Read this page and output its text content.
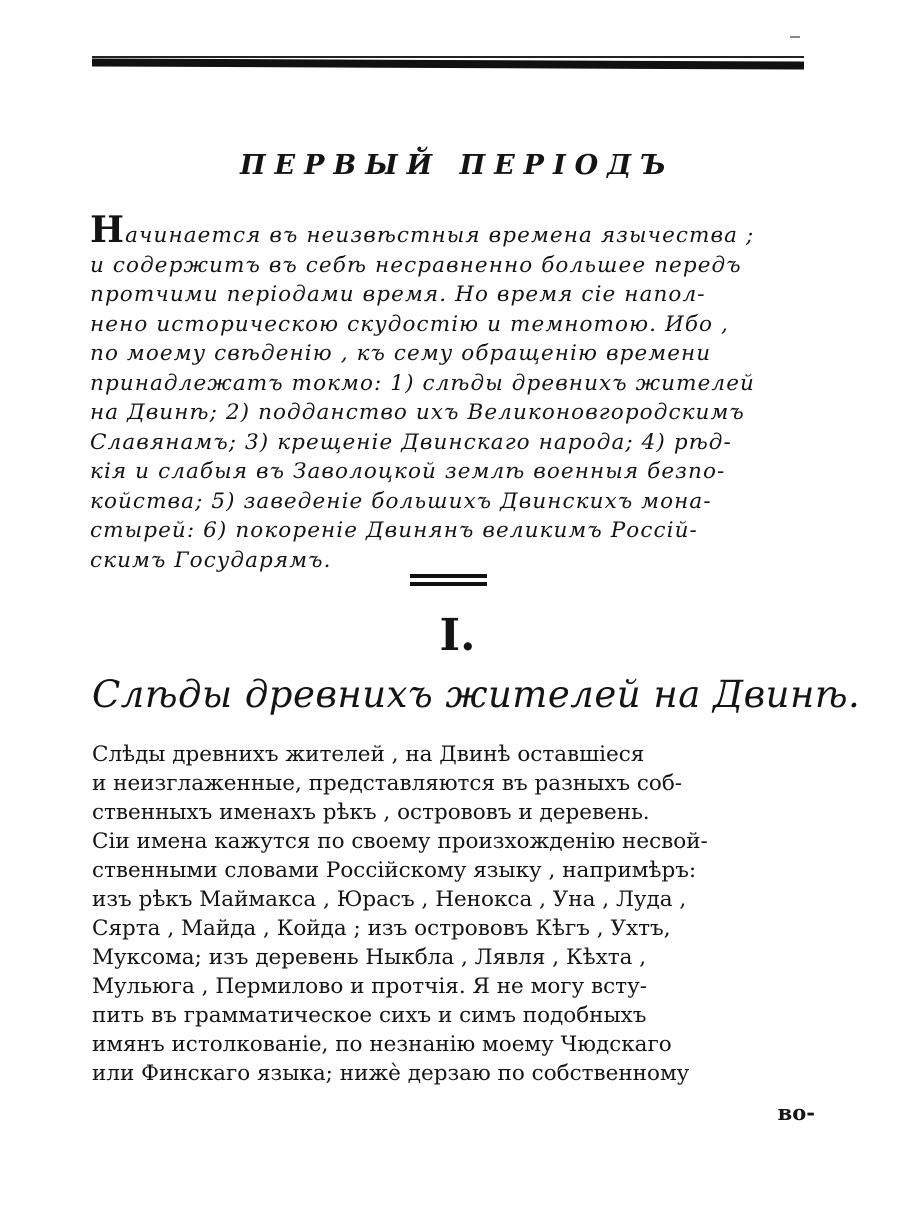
ПЕРВЫЙ ПЕРІОДЪ

Начинается въ неизвѣстныя времена язычества ;
и содержитъ въ себѣ несравненно большее передъ
протчими періодами время. Но время сіе напол-
нено историческою скудостію и темнотою. Ибо ,
по моему свѣденію , къ сему обращенію времени
принадлежатъ токмо: 1) слѣды древнихъ жителей
на Двинѣ; 2) подданство ихъ Великоновгородскимъ
Славянамъ; 3) крещеніе Двинскаго народа; 4) рѣд-
кія и слабыя въ Заволоцкой землѣ военныя безпо-
койства; 5) заведеніе большихъ Двинскихъ мона-
стырей: 6) покореніе Двинянъ великимъ Россій-
скимъ Государямъ.

I.
Слѣды древнихъ жителей на Двинѣ.

Слѣды древнихъ жителей , на Двинѣ оставшіеся
и неизглаженные, представляются въ разныхъ соб-
ственныхъ именахъ рѣкъ , острововъ и деревень.
Сіи имена кажутся по своему произхожденію несвой-
ственными словами Россійскому языку , напримѣръ:
изъ рѣкъ Маймакса , Юрасъ , Ненокса , Уна , Луда ,
Сярта , Майда , Койда ; изъ острововъ Кѣгъ , Ухтъ,
Муксома; изъ деревень Ныкбла , Лявля , Кѣхта ,
Мульюга , Пермилово и протчія. Я не могу всту-
пить въ грамматическое сихъ и симъ подобныхъ
имянъ истолкованіе, по незнанію моему Чюдскаго
или Финскаго языка; нижѐ дерзаю по собственному

во-
